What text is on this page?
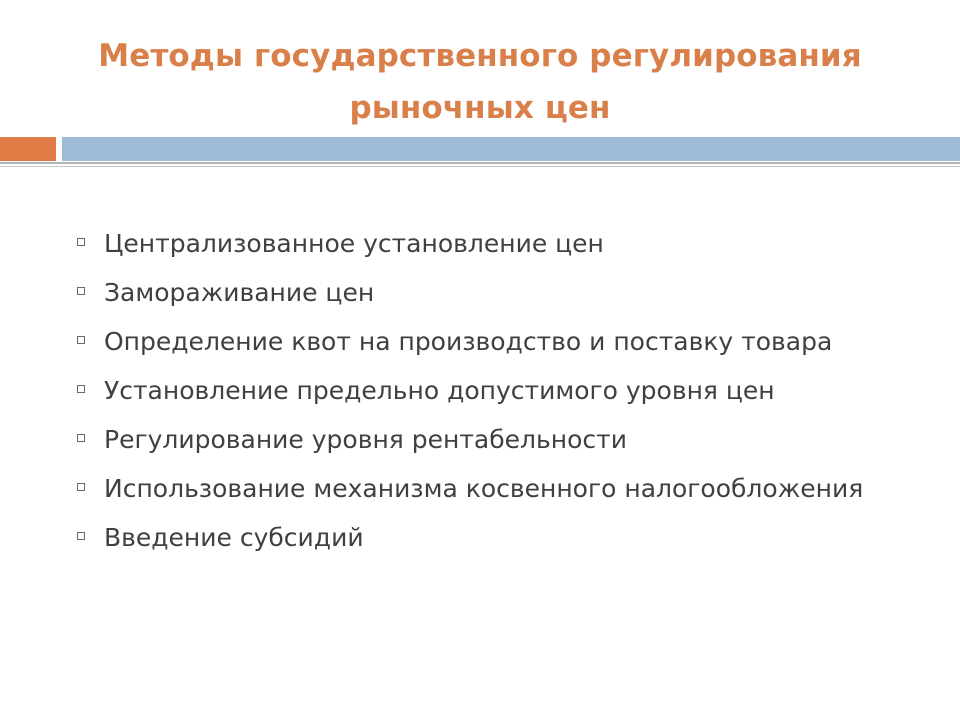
Методы государственного регулирования
рыночных цен
Централизованное установление цен
Замораживание цен
Определение квот на производство и поставку товара
Установление предельно допустимого уровня цен
Регулирование уровня рентабельности
Использование механизма косвенного налогообложения
Введение субсидий
